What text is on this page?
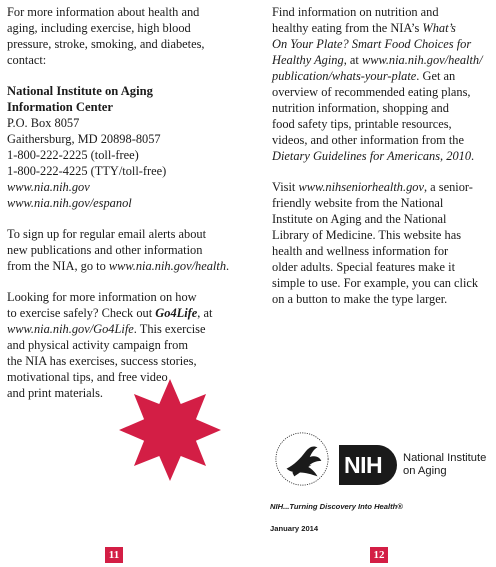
For more information about health and
aging, including exercise, high blood
pressure, stroke, smoking, and diabetes,
contact:

National Institute on Aging
Information Center
P.O. Box 8057
Gaithersburg, MD 20898-8057
1-800-222-2225 (toll-free)
1-800-222-4225 (TTY/toll-free)
www.nia.nih.gov
www.nia.nih.gov/espanol

To sign up for regular email alerts about
new publications and other information
from the NIA, go to www.nia.nih.gov/health.

Looking for more information on how
to exercise safely? Check out Go4Life, at
www.nia.nih.gov/Go4Life. This exercise
and physical activity campaign from
the NIA has exercises, success stories,
motivational tips, and free video
and print materials.

11

Find information on nutrition and
healthy eating from the NIA’s What’s
On Your Plate? Smart Food Choices for
Healthy Aging, at www.nia.nih.gov/health/
publication/whats-your-plate. Get an
overview of recommended eating plans,
nutrition information, shopping and
food safety tips, printable resources,
videos, and other information from the
Dietary Guidelines for Americans, 2010.

Visit www.nihseniorhealth.gov, a senior-
friendly website from the National
Institute on Aging and the National
Library of Medicine. This website has
health and wellness information for
older adults. Special features make it
simple to use. For example, you can click
on a button to make the type larger.

NIH National Institute
on Aging
NIH...Turning Discovery Into Health®
January 2014
12
